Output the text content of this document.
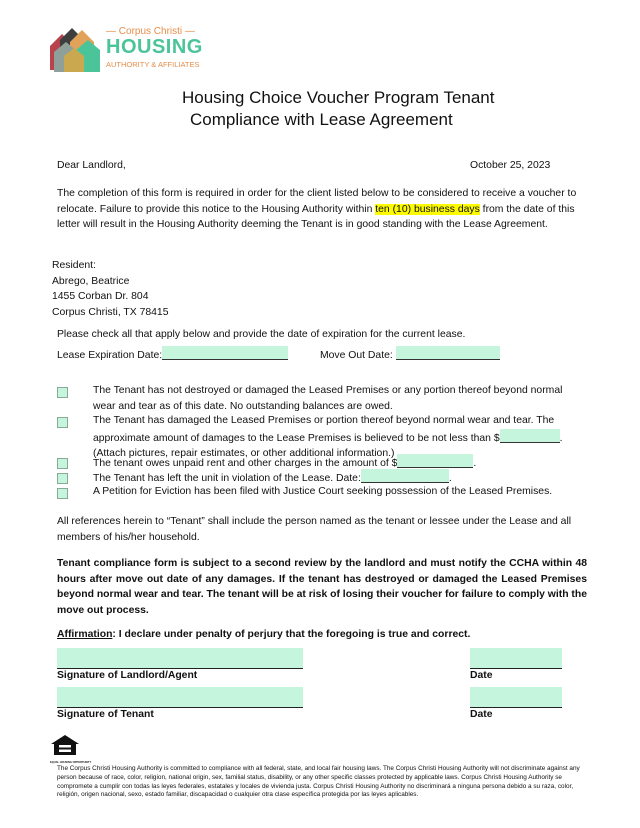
— Corpus Christi —
HOUSING
AUTHORITY & AFFILIATES
Housing Choice Voucher Program Tenant
Compliance with Lease Agreement
Dear Landlord,	October 25, 2023
The completion of this form is required in order for the client listed below to be considered to receive a voucher to relocate. Failure to provide this notice to the Housing Authority within ten (10) business days from the date of this letter will result in the Housing Authority deeming the Tenant is in good standing with the Lease Agreement.
Resident:
Abrego, Beatrice
1455 Corban Dr. 804
Corpus Christi, TX 78415
Please check all that apply below and provide the date of expiration for the current lease.
Lease Expiration Date:	Move Out Date:
The Tenant has not destroyed or damaged the Leased Premises or any portion thereof beyond normal wear and tear as of this date. No outstanding balances are owed.
The Tenant has damaged the Leased Premises or portion thereof beyond normal wear and tear. The approximate amount of damages to the Lease Premises is believed to be not less than $	. (Attach pictures, repair estimates, or other additional information.)
The tenant owes unpaid rent and other charges in the amount of $	.
The Tenant has left the unit in violation of the Lease. Date:	.
A Petition for Eviction has been filed with Justice Court seeking possession of the Leased Premises.
All references herein to “Tenant” shall include the person named as the tenant or lessee under the Lease and all members of his/her household.
Tenant compliance form is subject to a second review by the landlord and must notify the CCHA within 48 hours after move out date of any damages. If the tenant has destroyed or damaged the Leased Premises beyond normal wear and tear. The tenant will be at risk of losing their voucher for failure to comply with the move out process.
Affirmation: I declare under penalty of perjury that the foregoing is true and correct.
Signature of Landlord/Agent	Date
Signature of Tenant	Date
EQUAL HOUSING OPPORTUNITY
The Corpus Christi Housing Authority is committed to compliance with all federal, state, and local fair housing laws. The Corpus Christi Housing Authority will not discriminate against any person because of race, color, religion, national origin, sex, familial status, disability, or any other specific classes protected by applicable laws. Corpus Christi Housing Authority se compromete a cumplir con todas las leyes federales, estatales y locales de vivienda justa. Corpus Christi Housing Authority no discriminará a ninguna persona debido a su raza, color, religión, origen nacional, sexo, estado familiar, discapacidad o cualquier otra clase específica protegida por las leyes aplicables.
